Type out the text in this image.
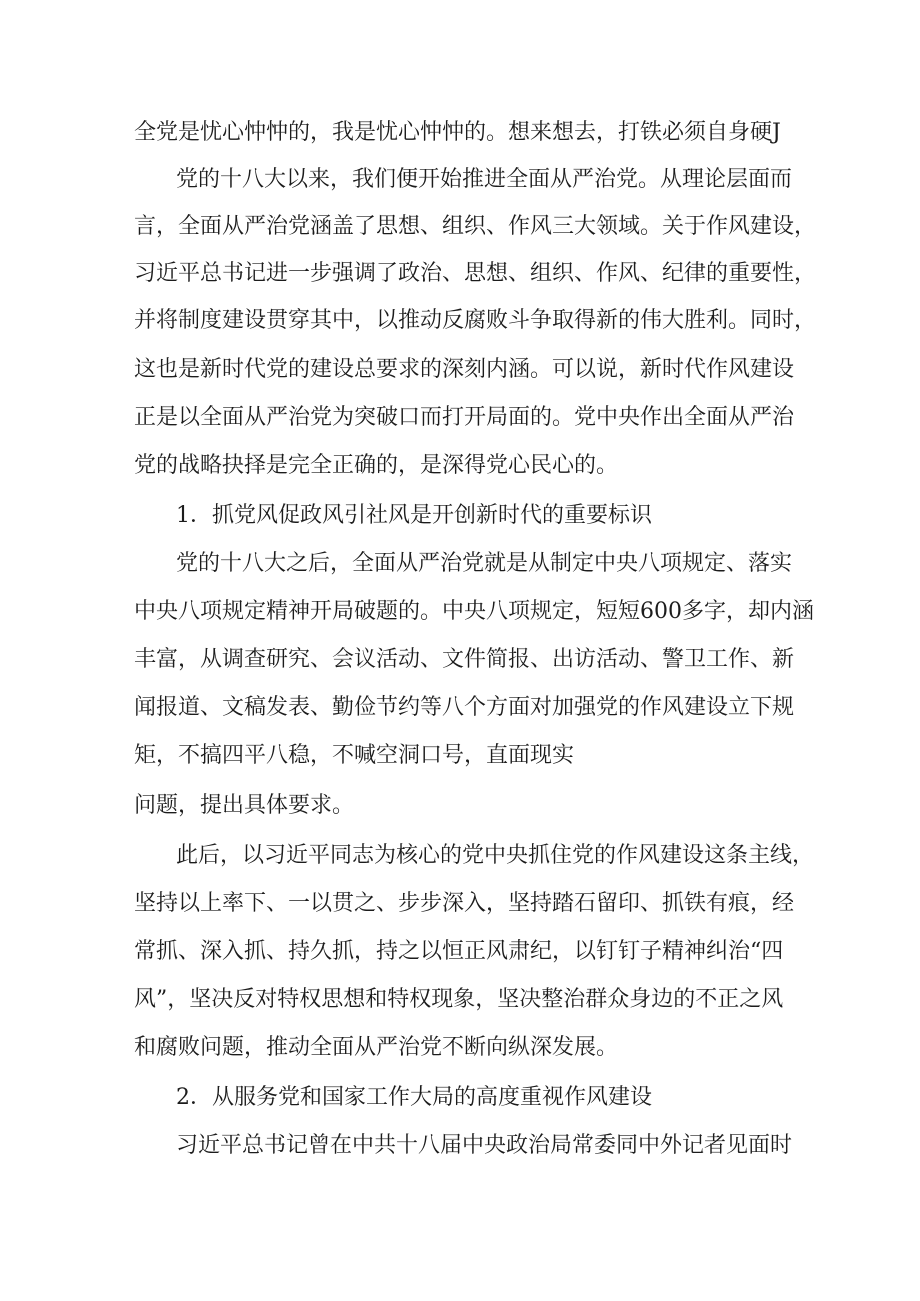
全党是忧心忡忡的，我是忧心忡忡的。想来想去，打铁必须自身硬J
党的十八大以来，我们便开始推进全面从严治党。从理论层面而
言，全面从严治党涵盖了思想、组织、作风三大领域。关于作风建设，
习近平总书记进一步强调了政治、思想、组织、作风、纪律的重要性，
并将制度建设贯穿其中，以推动反腐败斗争取得新的伟大胜利。同时，
这也是新时代党的建设总要求的深刻内涵。可以说，新时代作风建设
正是以全面从严治党为突破口而打开局面的。党中央作出全面从严治
党的战略抉择是完全正确的，是深得党心民心的。
1．抓党风促政风引社风是开创新时代的重要标识
党的十八大之后，全面从严治党就是从制定中央八项规定、落实
中央八项规定精神开局破题的。中央八项规定，短短600多字，却内涵
丰富，从调查研究、会议活动、文件简报、出访活动、警卫工作、新
闻报道、文稿发表、勤俭节约等八个方面对加强党的作风建设立下规
矩，不搞四平八稳，不喊空洞口号，直面现实
问题，提出具体要求。
此后，以习近平同志为核心的党中央抓住党的作风建设这条主线，
坚持以上率下、一以贯之、步步深入，坚持踏石留印、抓铁有痕，经
常抓、深入抓、持久抓，持之以恒正风肃纪，以钉钉子精神纠治“四
风”，坚决反对特权思想和特权现象，坚决整治群众身边的不正之风
和腐败问题，推动全面从严治党不断向纵深发展。
2．从服务党和国家工作大局的高度重视作风建设
习近平总书记曾在中共十八届中央政治局常委同中外记者见面时
